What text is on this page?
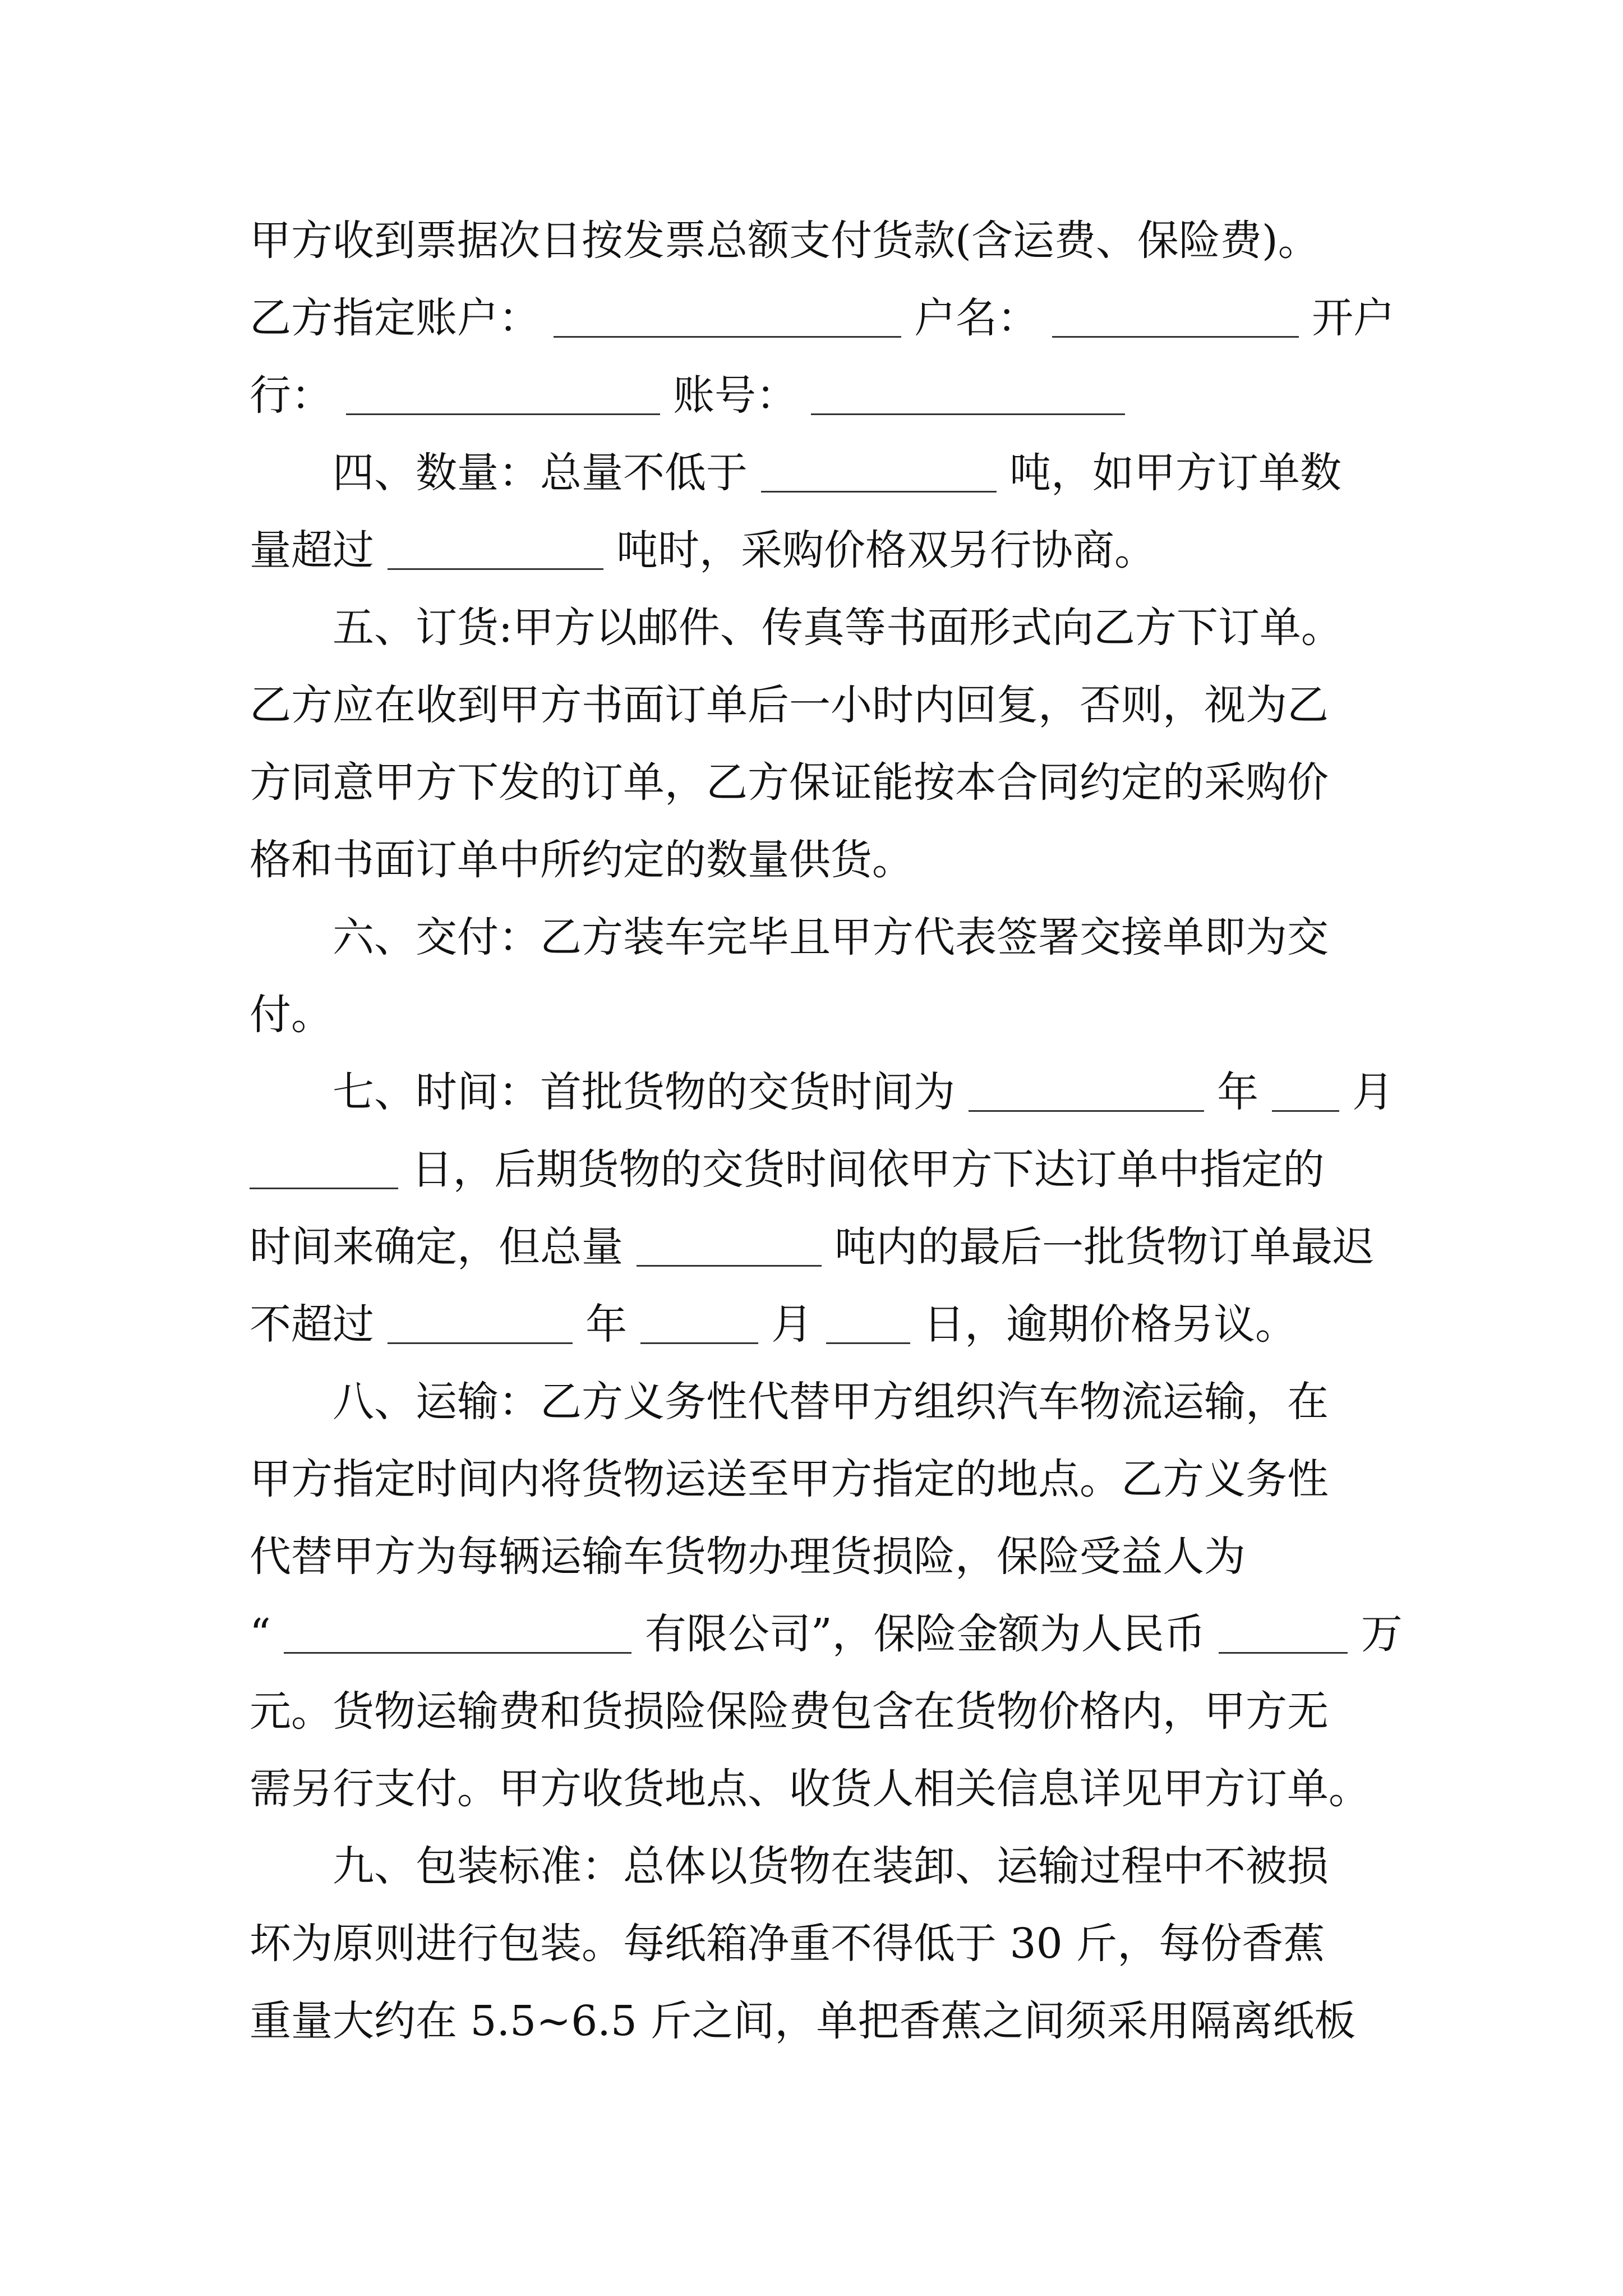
甲方收到票据次日按发票总额支付货款(含运费、保险费)。
乙方指定账户：	户名：	开户
行：	账号：
四、数量：总量不低于	吨，如甲方订单数
量超过	吨时，采购价格双另行协商。
五、订货:甲方以邮件、传真等书面形式向乙方下订单。
乙方应在收到甲方书面订单后一小时内回复，否则，视为乙
方同意甲方下发的订单，乙方保证能按本合同约定的采购价
格和书面订单中所约定的数量供货。
六、交付：乙方装车完毕且甲方代表签署交接单即为交
付。
七、时间：首批货物的交货时间为	年 月
日，后期货物的交货时间依甲方下达订单中指定的
时间来确定，但总量	吨内的最后一批货物订单最迟
不超过	年	月	日，逾期价格另议。
八、运输：乙方义务性代替甲方组织汽车物流运输，在
甲方指定时间内将货物运送至甲方指定的地点。乙方义务性
代替甲方为每辆运输车货物办理货损险，保险受益人为
“	有限公司”，保险金额为人民币	万
元。货物运输费和货损险保险费包含在货物价格内，甲方无
需另行支付。甲方收货地点、收货人相关信息详见甲方订单。
九、包装标准：总体以货物在装卸、运输过程中不被损
坏为原则进行包装。每纸箱净重不得低于 30 斤，每份香蕉
重量大约在 5.5~6.5 斤之间，单把香蕉之间须采用隔离纸板
